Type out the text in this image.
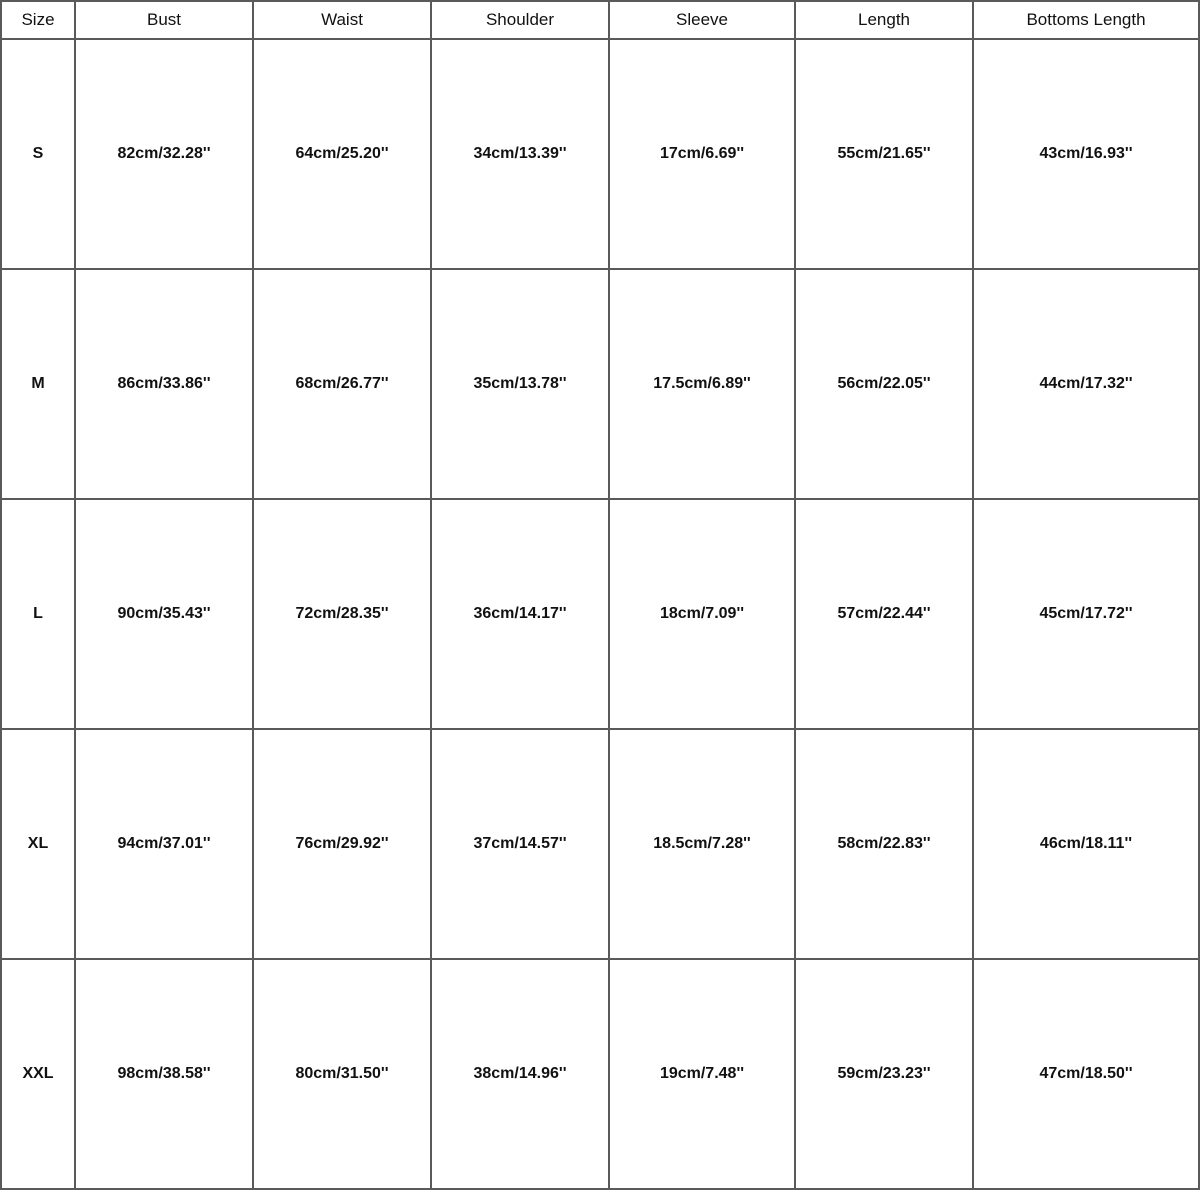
Size	Bust	Waist	Shoulder	Sleeve	Length	Bottoms Length
S	82cm/32.28''	64cm/25.20''	34cm/13.39''	17cm/6.69''	55cm/21.65''	43cm/16.93''
M	86cm/33.86''	68cm/26.77''	35cm/13.78''	17.5cm/6.89''	56cm/22.05''	44cm/17.32''
L	90cm/35.43''	72cm/28.35''	36cm/14.17''	18cm/7.09''	57cm/22.44''	45cm/17.72''
XL	94cm/37.01''	76cm/29.92''	37cm/14.57''	18.5cm/7.28''	58cm/22.83''	46cm/18.11''
XXL	98cm/38.58''	80cm/31.50''	38cm/14.96''	19cm/7.48''	59cm/23.23''	47cm/18.50''
